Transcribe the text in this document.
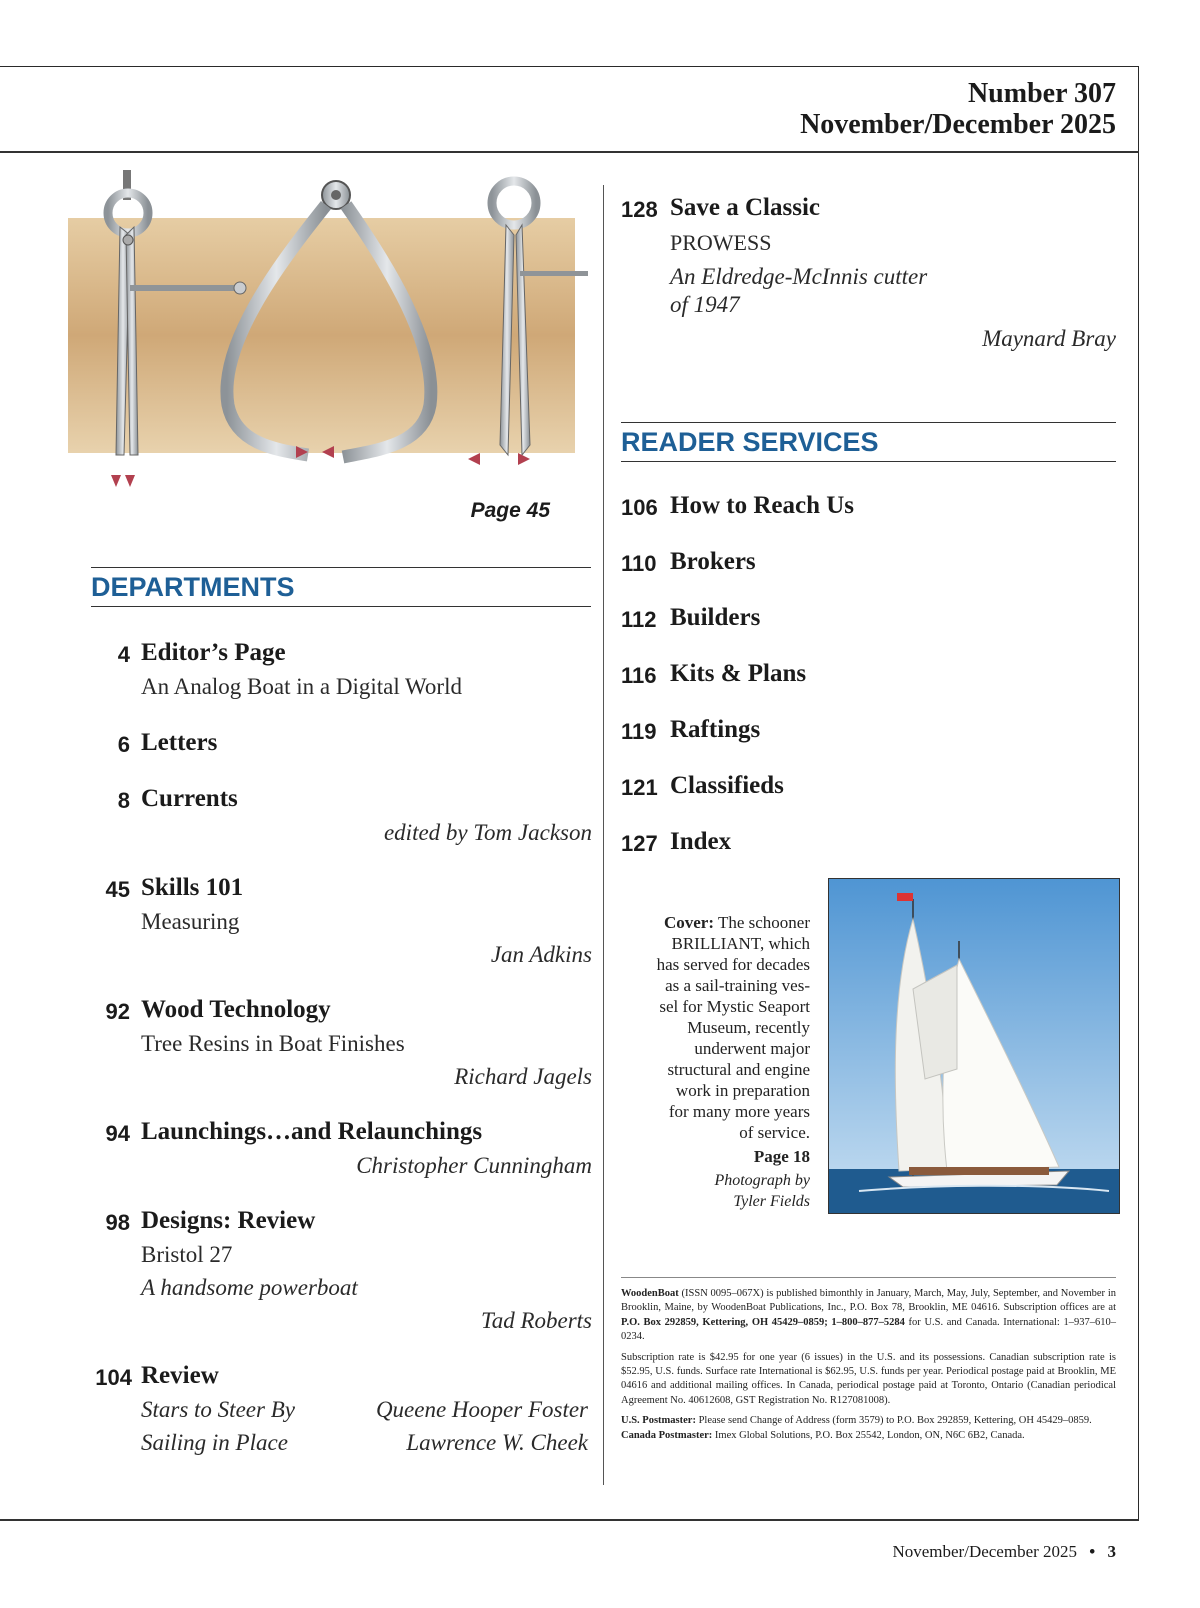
Number 307
November/December 2025
Page 45
DEPARTMENTS
4 Editor’s Page
An Analog Boat in a Digital World
6 Letters
8 Currents
edited by Tom Jackson
45 Skills 101
Measuring
Jan Adkins
92 Wood Technology
Tree Resins in Boat Finishes
Richard Jagels
94 Launchings…and Relaunchings
Christopher Cunningham
98 Designs: Review
Bristol 27
A handsome powerboat
Tad Roberts
104 Review
Stars to Steer By	Queene Hooper Foster
Sailing in Place	Lawrence W. Cheek
128 Save a Classic
PROWESS
An Eldredge-McInnis cutter
of 1947
Maynard Bray
READER SERVICES
106 How to Reach Us
110 Brokers
112 Builders
116 Kits & Plans
119 Raftings
121 Classifieds
127 Index
Cover: The schooner
BRILLIANT, which
has served for decades
as a sail-training ves-
sel for Mystic Seaport
Museum, recently
underwent major
structural and engine
work in preparation
for many more years
of service.
Page 18
Photograph by
Tyler Fields

WoodenBoat (ISSN 0095–067X) is published bimonthly in January, March, May, July, September, and November in Brooklin, Maine, by WoodenBoat Publications, Inc., P.O. Box 78, Brooklin, ME 04616. Subscription offices are at P.O. Box 292859, Kettering, OH 45429–0859; 1–800–877–5284 for U.S. and Canada. International: 1–937–610–0234.

Subscription rate is $42.95 for one year (6 issues) in the U.S. and its possessions. Canadian subscription rate is $52.95, U.S. funds. Surface rate International is $62.95, U.S. funds per year. Periodical postage paid at Brooklin, ME 04616 and additional mailing offices. In Canada, periodical postage paid at Toronto, Ontario (Canadian periodical Agreement No. 40612608, GST Registration No. R127081008).

U.S. Postmaster: Please send Change of Address (form 3579) to P.O. Box 292859, Kettering, OH 45429–0859.
Canada Postmaster: Imex Global Solutions, P.O. Box 25542, London, ON, N6C 6B2, Canada.

November/December 2025 • 3
